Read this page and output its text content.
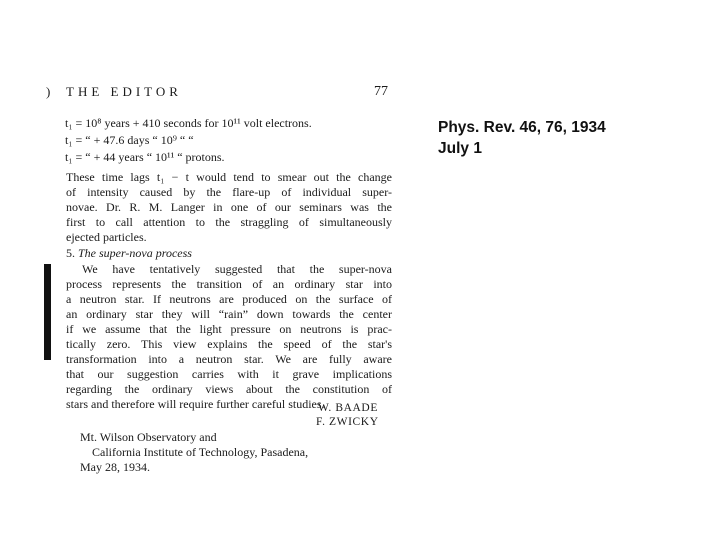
) THE EDITOR	77
t₁ = 10⁸ years + 410 seconds for 10¹¹ volt electrons.
t₁ = “ + 47.6 days “ 10⁹ “ “
t₁ = “ + 44 years “ 10¹¹ “ protons.
These time lags t₁ − t would tend to smear out the change
of intensity caused by the flare-up of individual super-
novae. Dr. R. M. Langer in one of our seminars was the
first to call attention to the straggling of simultaneously
ejected particles.
5. The super-nova process
We have tentatively suggested that the super-nova
process represents the transition of an ordinary star into
a neutron star. If neutrons are produced on the surface of
an ordinary star they will “rain” down towards the center
if we assume that the light pressure on neutrons is prac-
tically zero. This view explains the speed of the star's
transformation into a neutron star. We are fully aware
that our suggestion carries with it grave implications
regarding the ordinary views about the constitution of
stars and therefore will require further careful studies.
W. BAADE
F. ZWICKY
Mt. Wilson Observatory and
California Institute of Technology, Pasadena,
May 28, 1934.
Phys. Rev. 46, 76, 1934
July 1
